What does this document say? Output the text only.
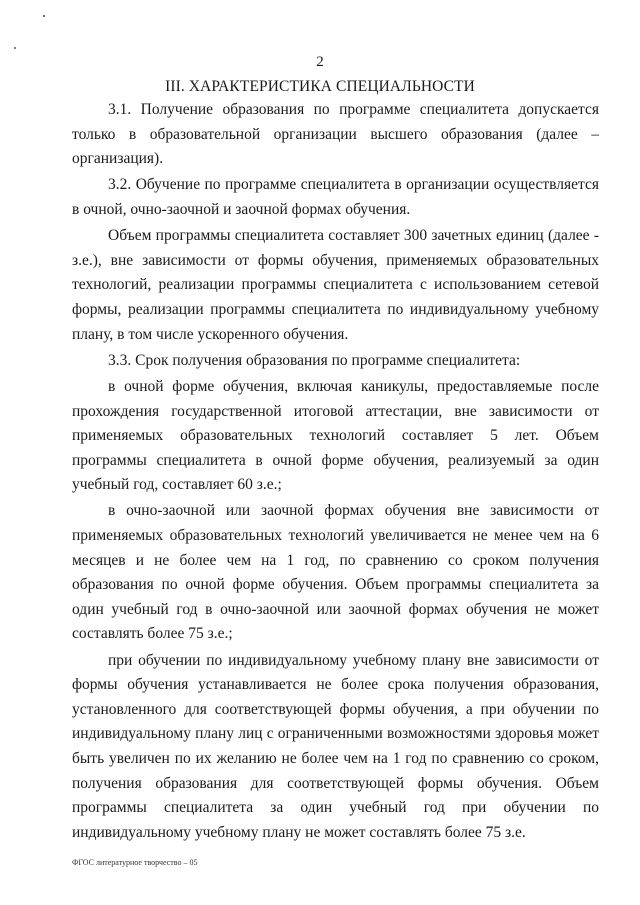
2
III. ХАРАКТЕРИСТИКА СПЕЦИАЛЬНОСТИ

3.1. Получение образования по программе специалитета допускается только в образовательной организации высшего образования (далее – организация).

3.2. Обучение по программе специалитета в организации осуществляется в очной, очно-заочной и заочной формах обучения.

Объем программы специалитета составляет 300 зачетных единиц (далее - з.е.), вне зависимости от формы обучения, применяемых образовательных технологий, реализации программы специалитета с использованием сетевой формы, реализации программы специалитета по индивидуальному учебному плану, в том числе ускоренного обучения.

3.3. Срок получения образования по программе специалитета:

в очной форме обучения, включая каникулы, предоставляемые после прохождения государственной итоговой аттестации, вне зависимости от применяемых образовательных технологий составляет 5 лет. Объем программы специалитета в очной форме обучения, реализуемый за один учебный год, составляет 60 з.е.;

в очно-заочной или заочной формах обучения вне зависимости от применяемых образовательных технологий увеличивается не менее чем на 6 месяцев и не более чем на 1 год, по сравнению со сроком получения образования по очной форме обучения. Объем программы специалитета за один учебный год в очно-заочной или заочной формах обучения не может составлять более 75 з.е.;

при обучении по индивидуальному учебному плану вне зависимости от формы обучения устанавливается не более срока получения образования, установленного для соответствующей формы обучения, а при обучении по индивидуальному плану лиц с ограниченными возможностями здоровья может быть увеличен по их желанию не более чем на 1 год по сравнению со сроком, получения образования для соответствующей формы обучения. Объем программы специалитета за один учебный год при обучении по индивидуальному учебному плану не может составлять более 75 з.е.

ФГОС литературное творчество – 05
